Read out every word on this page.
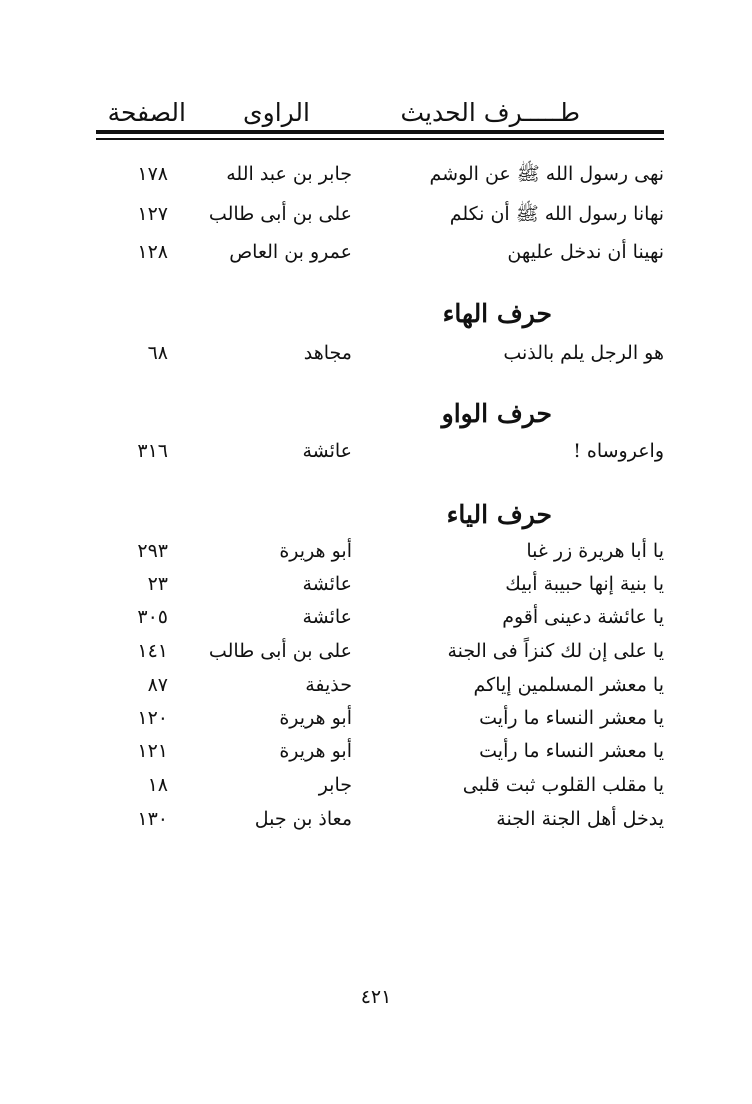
طـــــرف الحديث
الراوى
الصفحة
نهى رسول الله ﷺ عن الوشم
جابر بن عبد الله
١٧٨
نهانا رسول الله ﷺ أن نكلم
على بن أبى طالب
١٢٧
نهينا أن ندخل عليهن
عمرو بن العاص
١٢٨
حرف الهاء
هو الرجل يلم بالذنب
مجاهد
٦٨
حرف الواو
واعروساه !
عائشة
٣١٦
حرف الياء
يا أبا هريرة زر غبا
أبو هريرة
٢٩٣
يا بنية إنها حبيبة أبيك
عائشة
٢٣
يا عائشة دعينى أقوم
عائشة
٣٠٥
يا على إن لك كنزاً فى الجنة
على بن أبى طالب
١٤١
يا معشر المسلمين إياكم
حذيفة
٨٧
يا معشر النساء ما رأيت
أبو هريرة
١٢٠
يا معشر النساء ما رأيت
أبو هريرة
١٢١
يا مقلب القلوب ثبت قلبى
جابر
١٨
يدخل أهل الجنة الجنة
معاذ بن جبل
١٣٠
٤٢١
